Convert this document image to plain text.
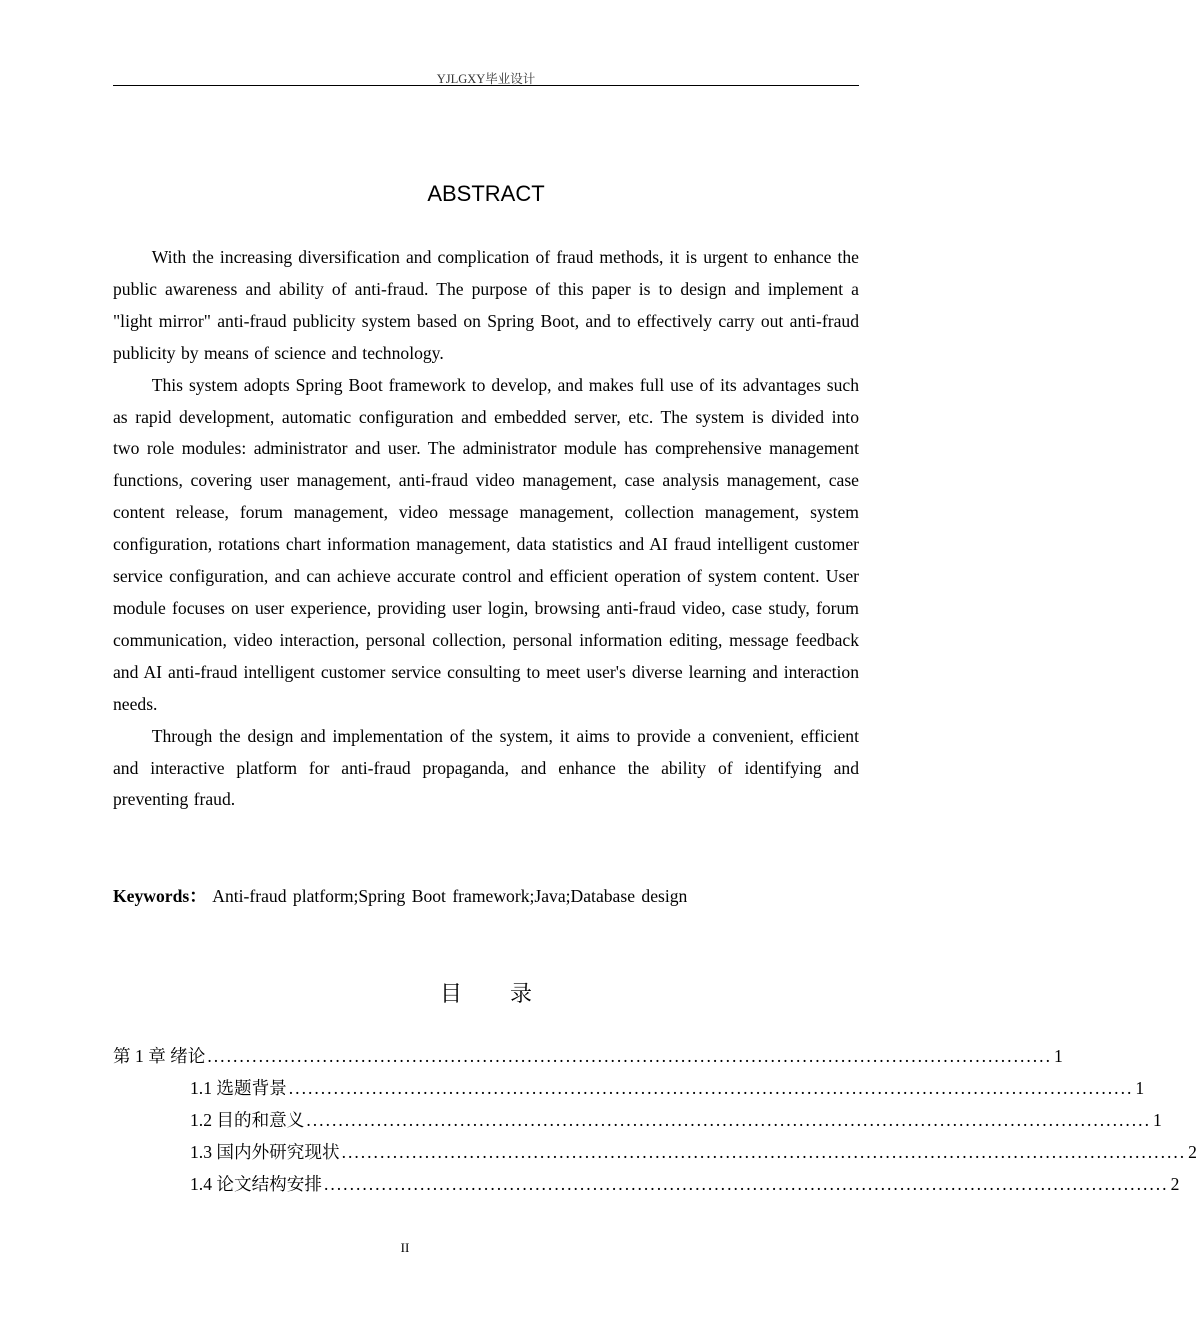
YJLGXY毕业设计
ABSTRACT

With the increasing diversification and complication of fraud methods, it is urgent to enhance the public awareness and ability of anti-fraud. The purpose of this paper is to design and implement a "light mirror" anti-fraud publicity system based on Spring Boot, and to effectively carry out anti-fraud publicity by means of science and technology.

This system adopts Spring Boot framework to develop, and makes full use of its advantages such as rapid development, automatic configuration and embedded server, etc. The system is divided into two role modules: administrator and user. The administrator module has comprehensive management functions, covering user management, anti-fraud video management, case analysis management, case content release, forum management, video message management, collection management, system configuration, rotations chart information management, data statistics and AI fraud intelligent customer service configuration, and can achieve accurate control and efficient operation of system content. User module focuses on user experience, providing user login, browsing anti-fraud video, case study, forum communication, video interaction, personal collection, personal information editing, message feedback and AI anti-fraud intelligent customer service consulting to meet user's diverse learning and interaction needs.

Through the design and implementation of the system, it aims to provide a convenient, efficient and interactive platform for anti-fraud propaganda, and enhance the ability of identifying and preventing fraud.

Keywords： Anti-fraud platform;Spring Boot framework;Java;Database design
目录
第 1 章 绪论 .................................................................................................................................... 1
1.1 选题背景 .................................................................................................................................... 1
1.2 目的和意义 .................................................................................................................................... 1
1.3 国内外研究现状 .................................................................................................................................... 2
1.4 论文结构安排 .................................................................................................................................... 2
II
